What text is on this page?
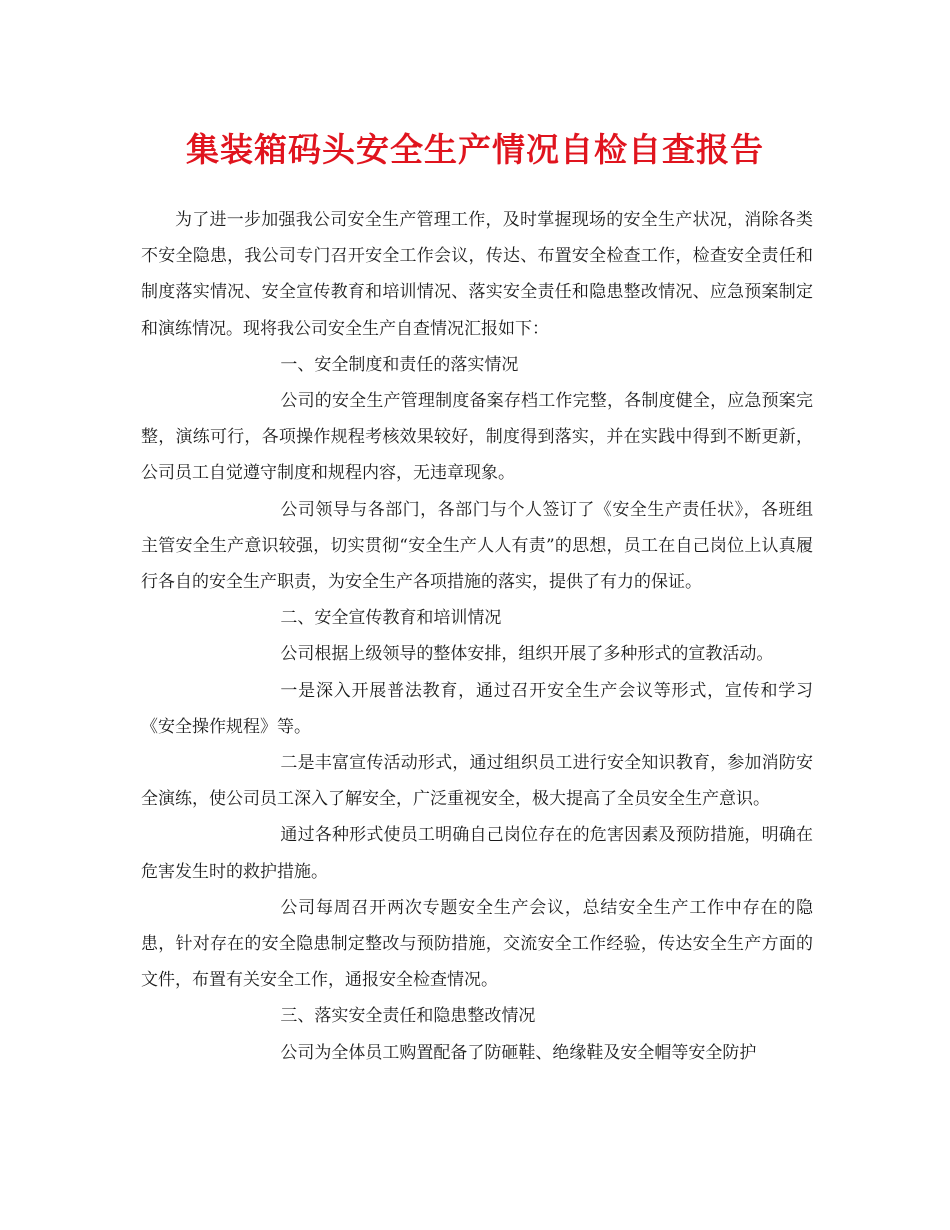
集装箱码头安全生产情况自检自查报告

为了进一步加强我公司安全生产管理工作，及时掌握现场的安全生产状况，消除各类不安全隐患，我公司专门召开安全工作会议，传达、布置安全检查工作，检查安全责任和制度落实情况、安全宣传教育和培训情况、落实安全责任和隐患整改情况、应急预案制定和演练情况。现将我公司安全生产自查情况汇报如下：

一、安全制度和责任的落实情况

公司的安全生产管理制度备案存档工作完整，各制度健全，应急预案完整，演练可行，各项操作规程考核效果较好，制度得到落实，并在实践中得到不断更新，公司员工自觉遵守制度和规程内容，无违章现象。

公司领导与各部门，各部门与个人签订了《安全生产责任状》，各班组主管安全生产意识较强，切实贯彻“安全生产人人有责”的思想，员工在自己岗位上认真履行各自的安全生产职责，为安全生产各项措施的落实，提供了有力的保证。

二、安全宣传教育和培训情况

公司根据上级领导的整体安排，组织开展了多种形式的宣教活动。

一是深入开展普法教育，通过召开安全生产会议等形式，宣传和学习《安全操作规程》等。

二是丰富宣传活动形式，通过组织员工进行安全知识教育，参加消防安全演练，使公司员工深入了解安全，广泛重视安全，极大提高了全员安全生产意识。

通过各种形式使员工明确自己岗位存在的危害因素及预防措施，明确在危害发生时的救护措施。

公司每周召开两次专题安全生产会议，总结安全生产工作中存在的隐患，针对存在的安全隐患制定整改与预防措施，交流安全工作经验，传达安全生产方面的文件，布置有关安全工作，通报安全检查情况。

三、落实安全责任和隐患整改情况

公司为全体员工购置配备了防砸鞋、绝缘鞋及安全帽等安全防护
